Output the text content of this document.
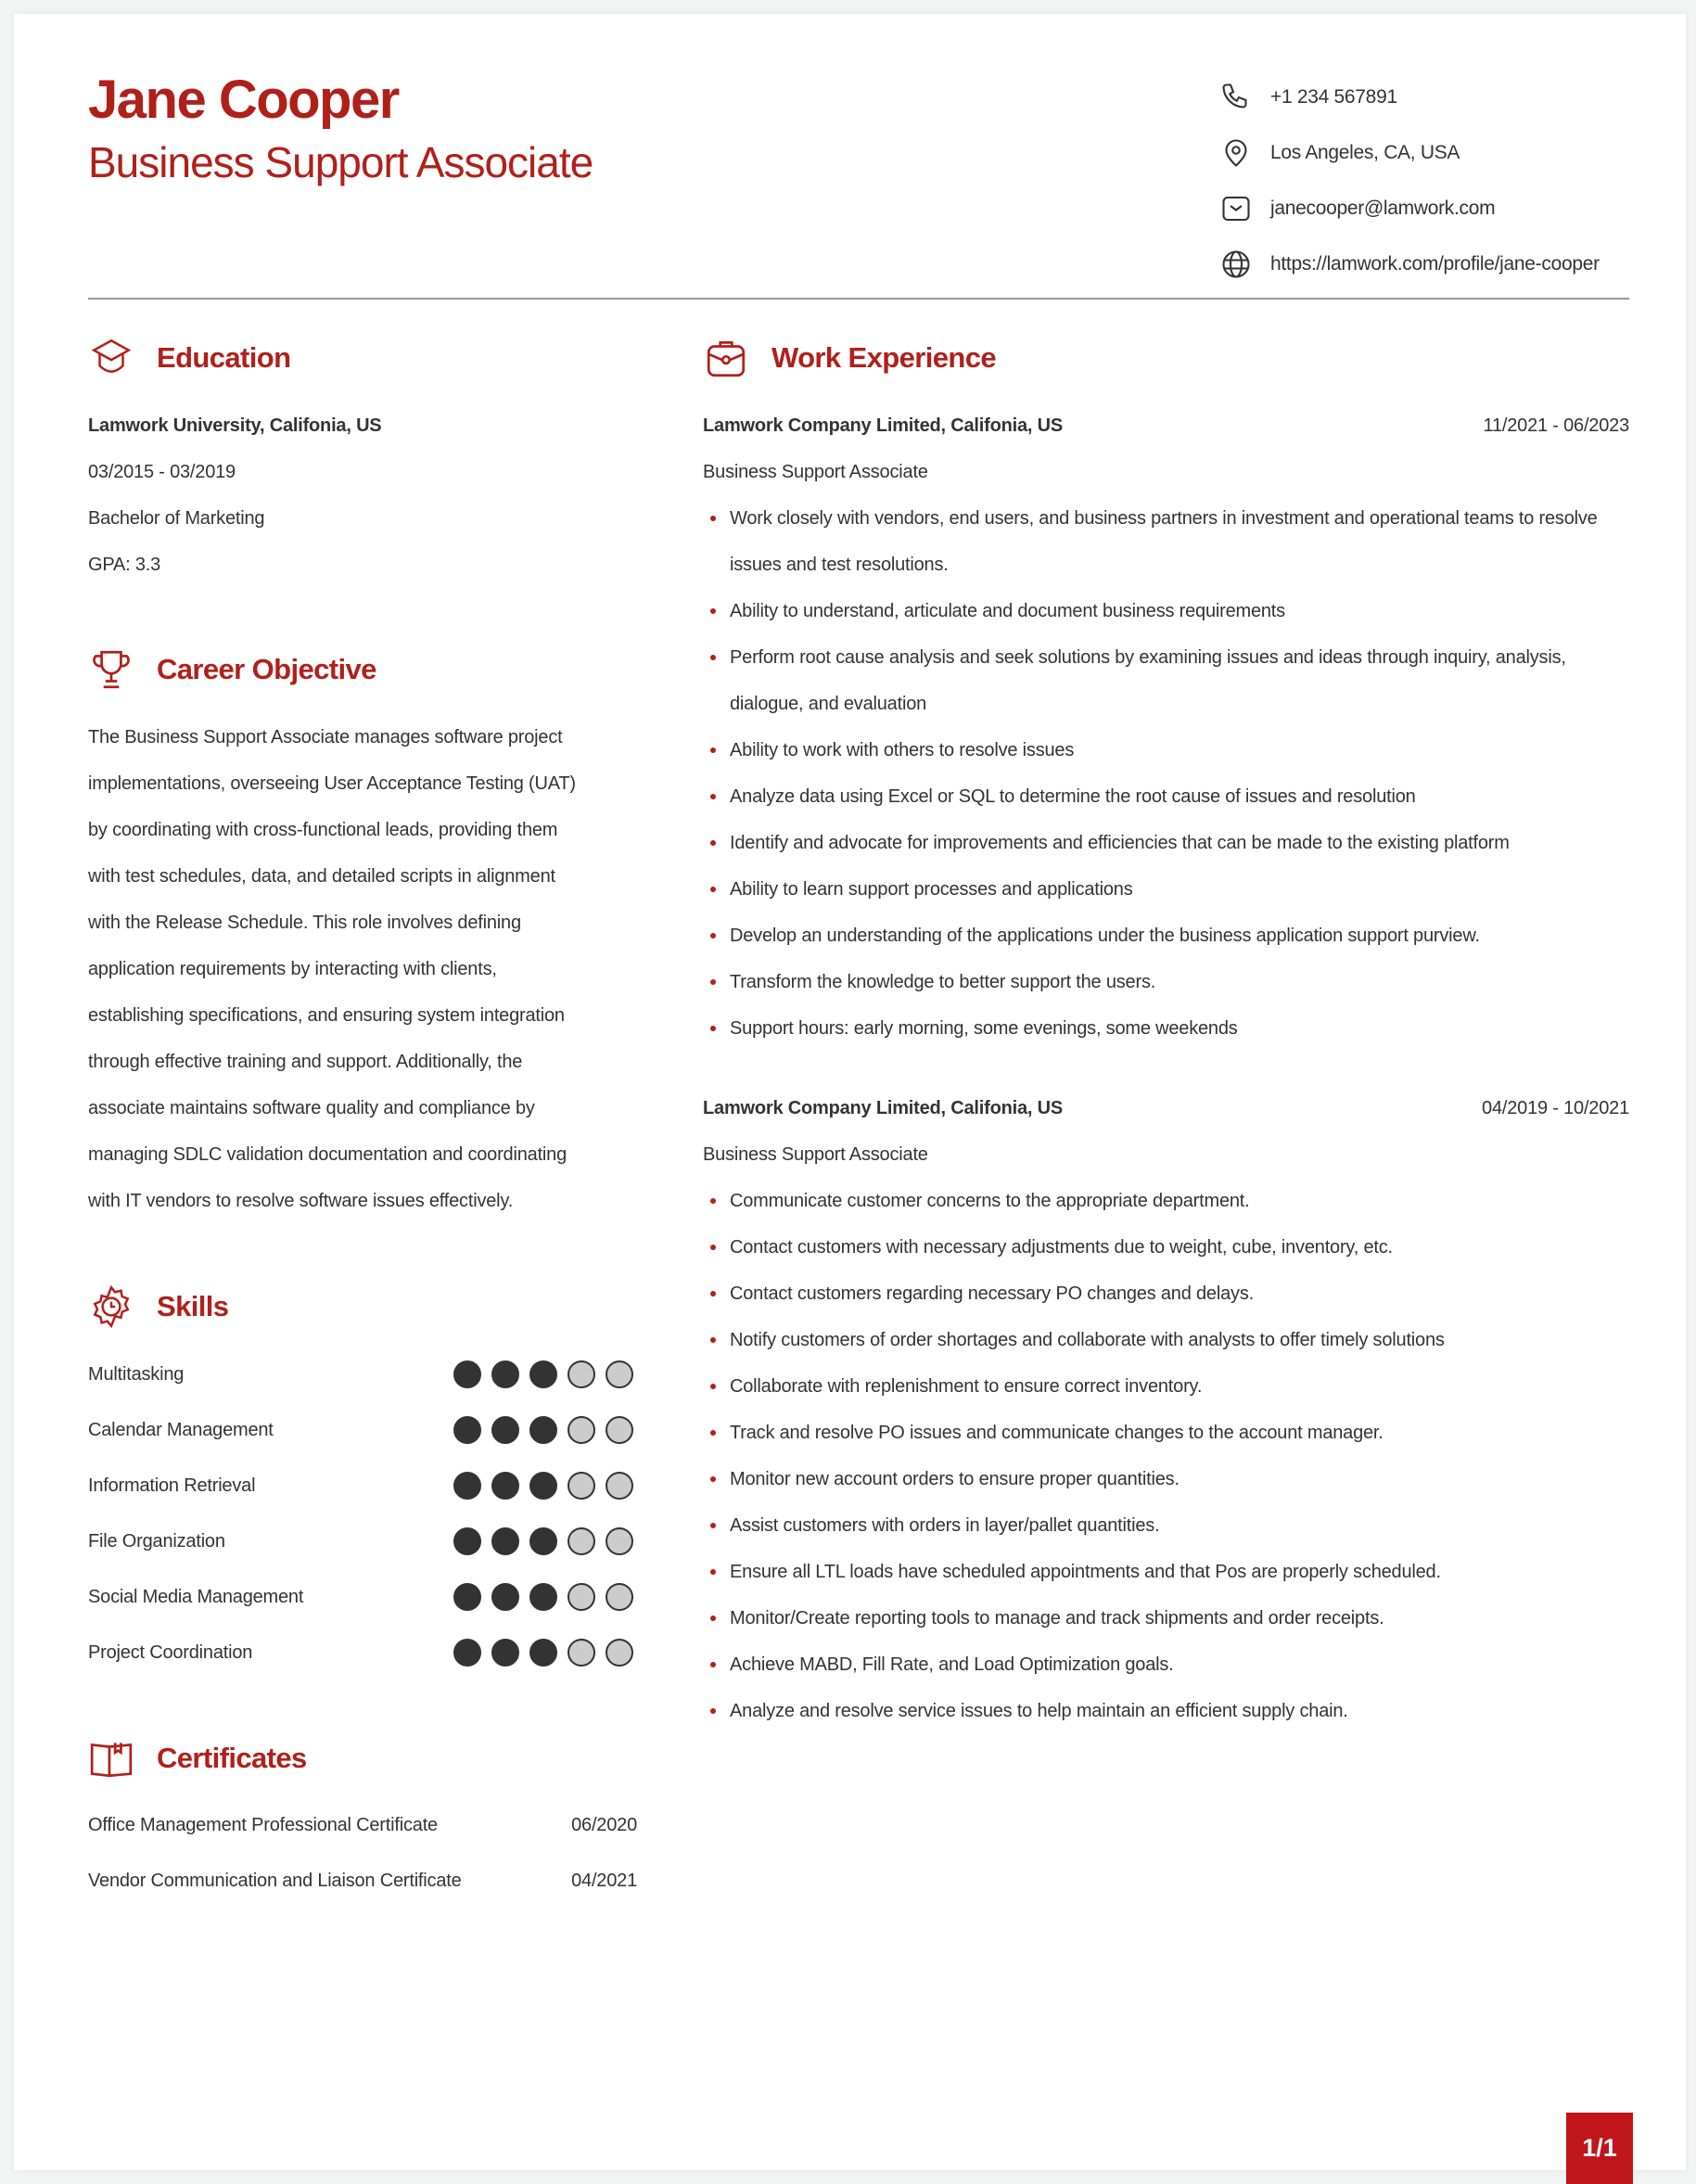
Jane Cooper
Business Support Associate
+1 234 567891
Los Angeles, CA, USA
janecooper@lamwork.com
https://lamwork.com/profile/jane-cooper
Education
Lamwork University, Califonia, US
03/2015 - 03/2019
Bachelor of Marketing
GPA: 3.3
Career Objective
The Business Support Associate manages software project
implementations, overseeing User Acceptance Testing (UAT)
by coordinating with cross-functional leads, providing them
with test schedules, data, and detailed scripts in alignment
with the Release Schedule. This role involves defining
application requirements by interacting with clients,
establishing specifications, and ensuring system integration
through effective training and support. Additionally, the
associate maintains software quality and compliance by
managing SDLC validation documentation and coordinating
with IT vendors to resolve software issues effectively.
Skills
Multitasking
Calendar Management
Information Retrieval
File Organization
Social Media Management
Project Coordination
Certificates
Office Management Professional Certificate	06/2020
Vendor Communication and Liaison Certificate	04/2021
Work Experience
Lamwork Company Limited, Califonia, US	11/2021 - 06/2023
Business Support Associate
Work closely with vendors, end users, and business partners in investment and operational teams to resolve issues and test resolutions.
Ability to understand, articulate and document business requirements
Perform root cause analysis and seek solutions by examining issues and ideas through inquiry, analysis, dialogue, and evaluation
Ability to work with others to resolve issues
Analyze data using Excel or SQL to determine the root cause of issues and resolution
Identify and advocate for improvements and efficiencies that can be made to the existing platform
Ability to learn support processes and applications
Develop an understanding of the applications under the business application support purview.
Transform the knowledge to better support the users.
Support hours: early morning, some evenings, some weekends
Lamwork Company Limited, Califonia, US	04/2019 - 10/2021
Business Support Associate
Communicate customer concerns to the appropriate department.
Contact customers with necessary adjustments due to weight, cube, inventory, etc.
Contact customers regarding necessary PO changes and delays.
Notify customers of order shortages and collaborate with analysts to offer timely solutions
Collaborate with replenishment to ensure correct inventory.
Track and resolve PO issues and communicate changes to the account manager.
Monitor new account orders to ensure proper quantities.
Assist customers with orders in layer/pallet quantities.
Ensure all LTL loads have scheduled appointments and that Pos are properly scheduled.
Monitor/Create reporting tools to manage and track shipments and order receipts.
Achieve MABD, Fill Rate, and Load Optimization goals.
Analyze and resolve service issues to help maintain an efficient supply chain.
1/1
